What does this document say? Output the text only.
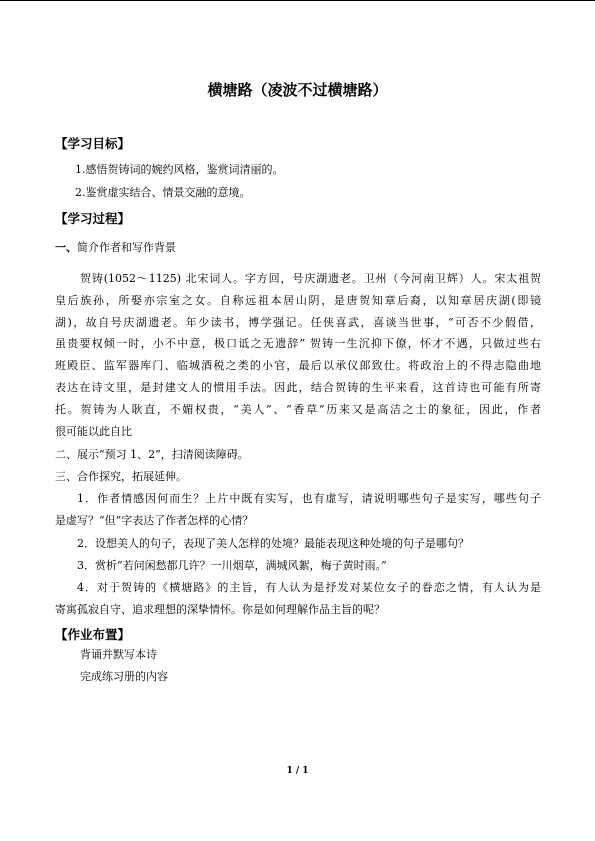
横塘路（凌波不过横塘路）
【学习目标】
1.感悟贺铸词的婉约风格，鉴赏词清丽的。
2.鉴赏虚实结合、情景交融的意境。
【学习过程】
一、简介作者和写作背景
贺铸(1052～1125) 北宋词人。字方回，号庆湖遗老。卫州（今河南卫辉）人。宋太祖贺
皇后族孙，所娶亦宗室之女。自称远祖本居山阴，是唐贺知章后裔，以知章居庆湖(即镜
湖)，故自号庆湖遗老。年少读书，博学强记。任侠喜武，喜谈当世事，“可否不少假借，
虽贵要权倾一时，小不中意，极口诋之无遗辞” 贺铸一生沉抑下僚，怀才不遇，只做过些右
班殿臣、监军器库门、临城酒税之类的小官，最后以承仪郎致仕。将政治上的不得志隐曲地
表达在诗文里，是封建文人的惯用手法。因此，结合贺铸的生平来看，这首诗也可能有所寄
托。贺铸为人耿直，不媚权贵，“美人”、“香草”历来又是高洁之士的象征，因此，作者
很可能以此自比
二、展示“预习 1、2”，扫清阅读障碍。
三、合作探究，拓展延伸。
1．作者情感因何而生？上片中既有实写，也有虚写，请说明哪些句子是实写，哪些句子
是虚写？“但”字表达了作者怎样的心情？
2．设想美人的句子，表现了美人怎样的处境？最能表现这种处境的句子是哪句？
3．赏析“若问闲愁都几许？一川烟草，满城风絮，梅子黄时雨。”
4．对于贺铸的《横塘路》的主旨，有人认为是抒发对某位女子的眷恋之情，有人认为是
寄寓孤寂自守、追求理想的深挚情怀。你是如何理解作品主旨的呢？
【作业布置】
背诵并默写本诗
完成练习册的内容
1 / 1
